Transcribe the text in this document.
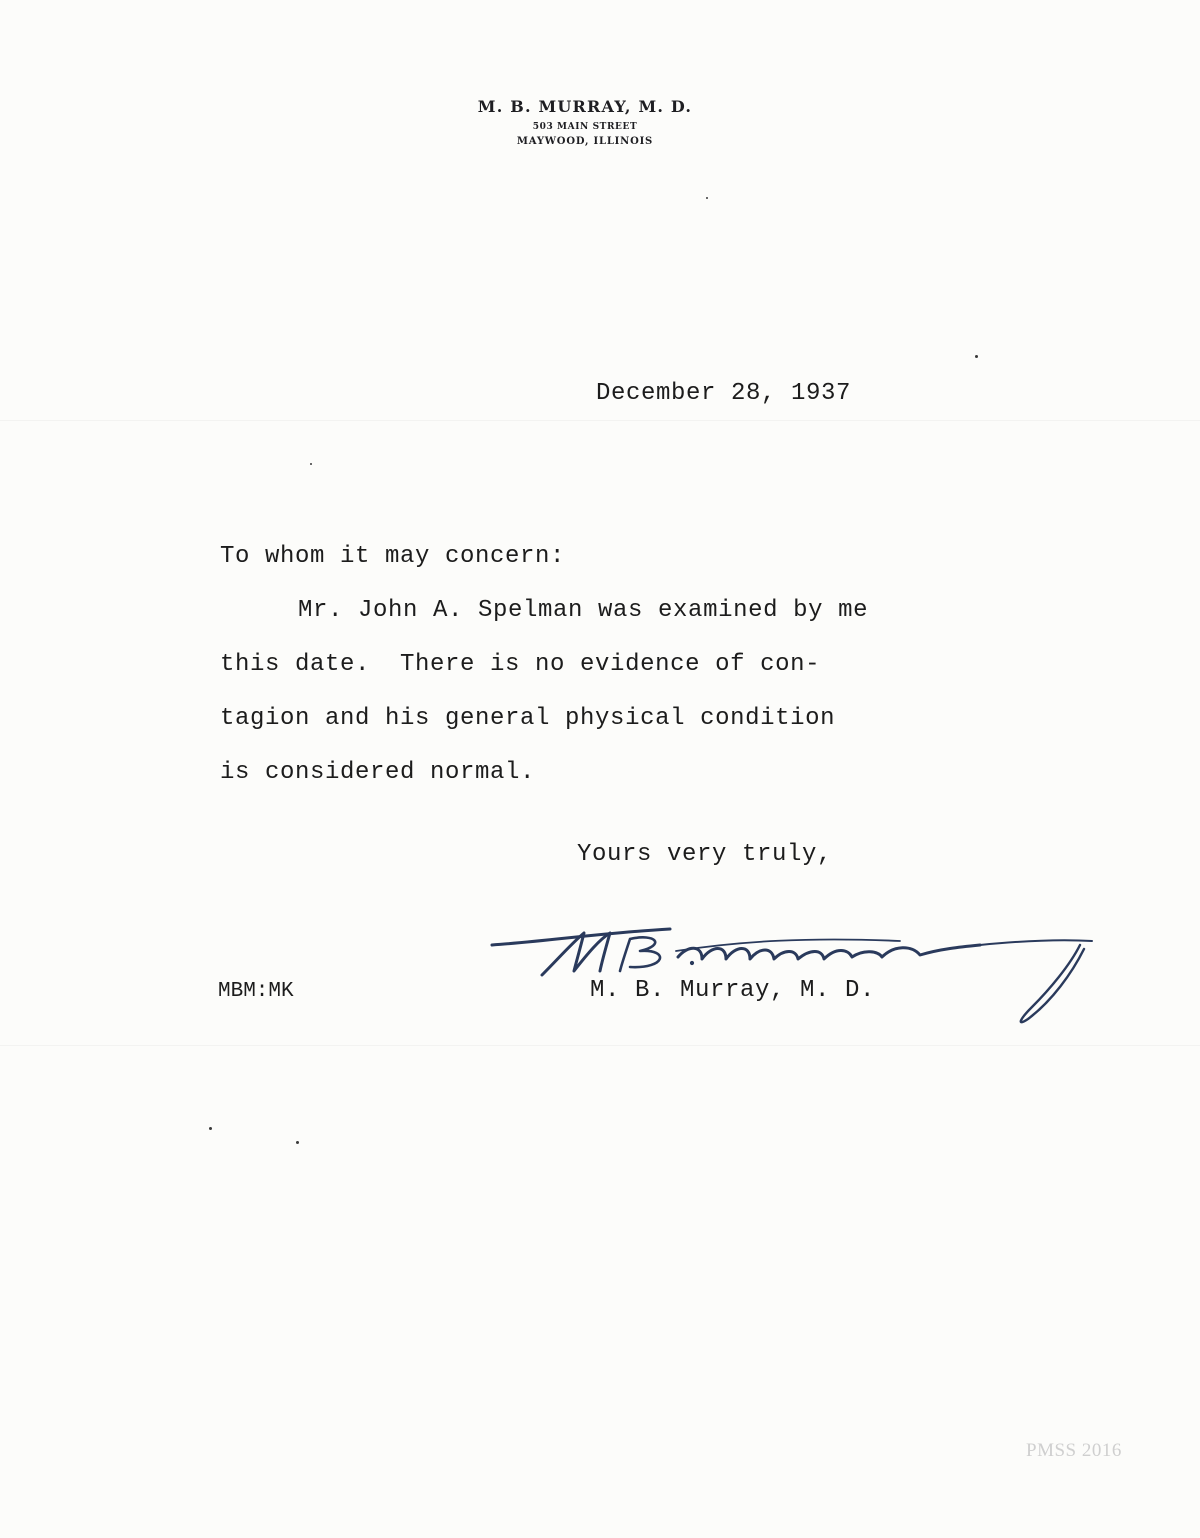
M. B. MURRAY, M. D.
503 MAIN STREET
MAYWOOD, ILLINOIS
December 28, 1937
To whom it may concern:
Mr. John A. Spelman was examined by me
this date.  There is no evidence of con-
tagion and his general physical condition
is considered normal.
Yours very truly,
MBM:MK	M. B. Murray, M. D.
PMSS 2016
